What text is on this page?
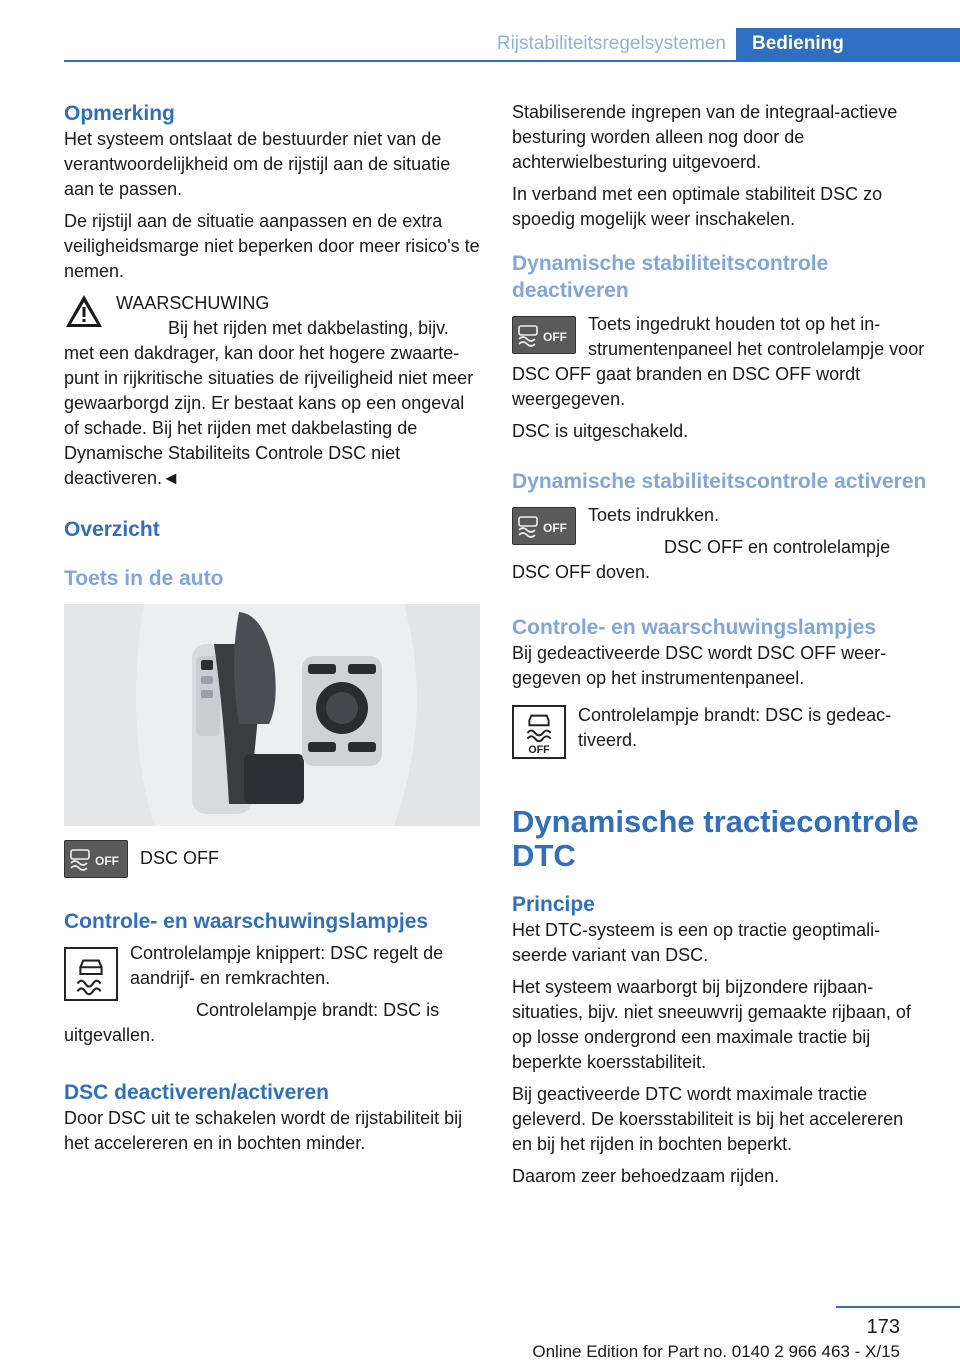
Rijstabiliteitsregelsystemen	Bediening
Opmerking

Het systeem ontslaat de bestuurder niet van de verantwoordelijkheid om de rijstijl aan de situatie aan te passen.

De rijstijl aan de situatie aanpassen en de extra veiligheidsmarge niet beperken door meer risico's te nemen.

WAARSCHUWING

Bij het rijden met dakbelasting, bijv. met een dakdrager, kan door het hogere zwaartepunt in rijkritische situaties de rijveiligheid niet meer gewaarborgd zijn. Er bestaat kans op een ongeval of schade. Bij het rijden met dakbelasting de Dynamische Stabiliteits Controle DSC niet deactiveren.◄

Overzicht
Toets in de auto
OFF	DSC OFF
Controle- en waarschuwingslampjes

Controlelampje knippert: DSC regelt de aandrijf- en remkrachten.

Controlelampje brandt: DSC is uitgevallen.

DSC deactiveren/activeren

Door DSC uit te schakelen wordt de rijstabiliteit bij het accelereren en in bochten minder.

Stabiliserende ingrepen van de integraal-actieve besturing worden alleen nog door de achterwielbesturing uitgevoerd.

In verband met een optimale stabiliteit DSC zo spoedig mogelijk weer inschakelen.

Dynamische stabiliteitscontrole deactiveren
OFF

Toets ingedrukt houden tot op het instrumentenpaneel het controlelampje voor DSC OFF gaat branden en DSC OFF wordt weergegeven.

DSC is uitgeschakeld.

Dynamische stabiliteitscontrole activeren
OFF

Toets indrukken.

DSC OFF en controlelampje DSC OFF doven.

Controle- en waarschuwingslampjes

Bij gedeactiveerde DSC wordt DSC OFF weergegeven op het instrumentenpaneel.

OFF

Controlelampje brandt: DSC is gedeactiveerd.

Dynamische tractiecontrole DTC
Principe

Het DTC-systeem is een op tractie geoptimaliseerde variant van DSC.

Het systeem waarborgt bij bijzondere rijbaansituaties, bijv. niet sneeuwvrij gemaakte rijbaan, of op losse ondergrond een maximale tractie bij beperkte koersstabiliteit.

Bij geactiveerde DTC wordt maximale tractie geleverd. De koersstabiliteit is bij het accelereren en bij het rijden in bochten beperkt.

Daarom zeer behoedzaam rijden.

173
Online Edition for Part no. 0140 2 966 463 - X/15
